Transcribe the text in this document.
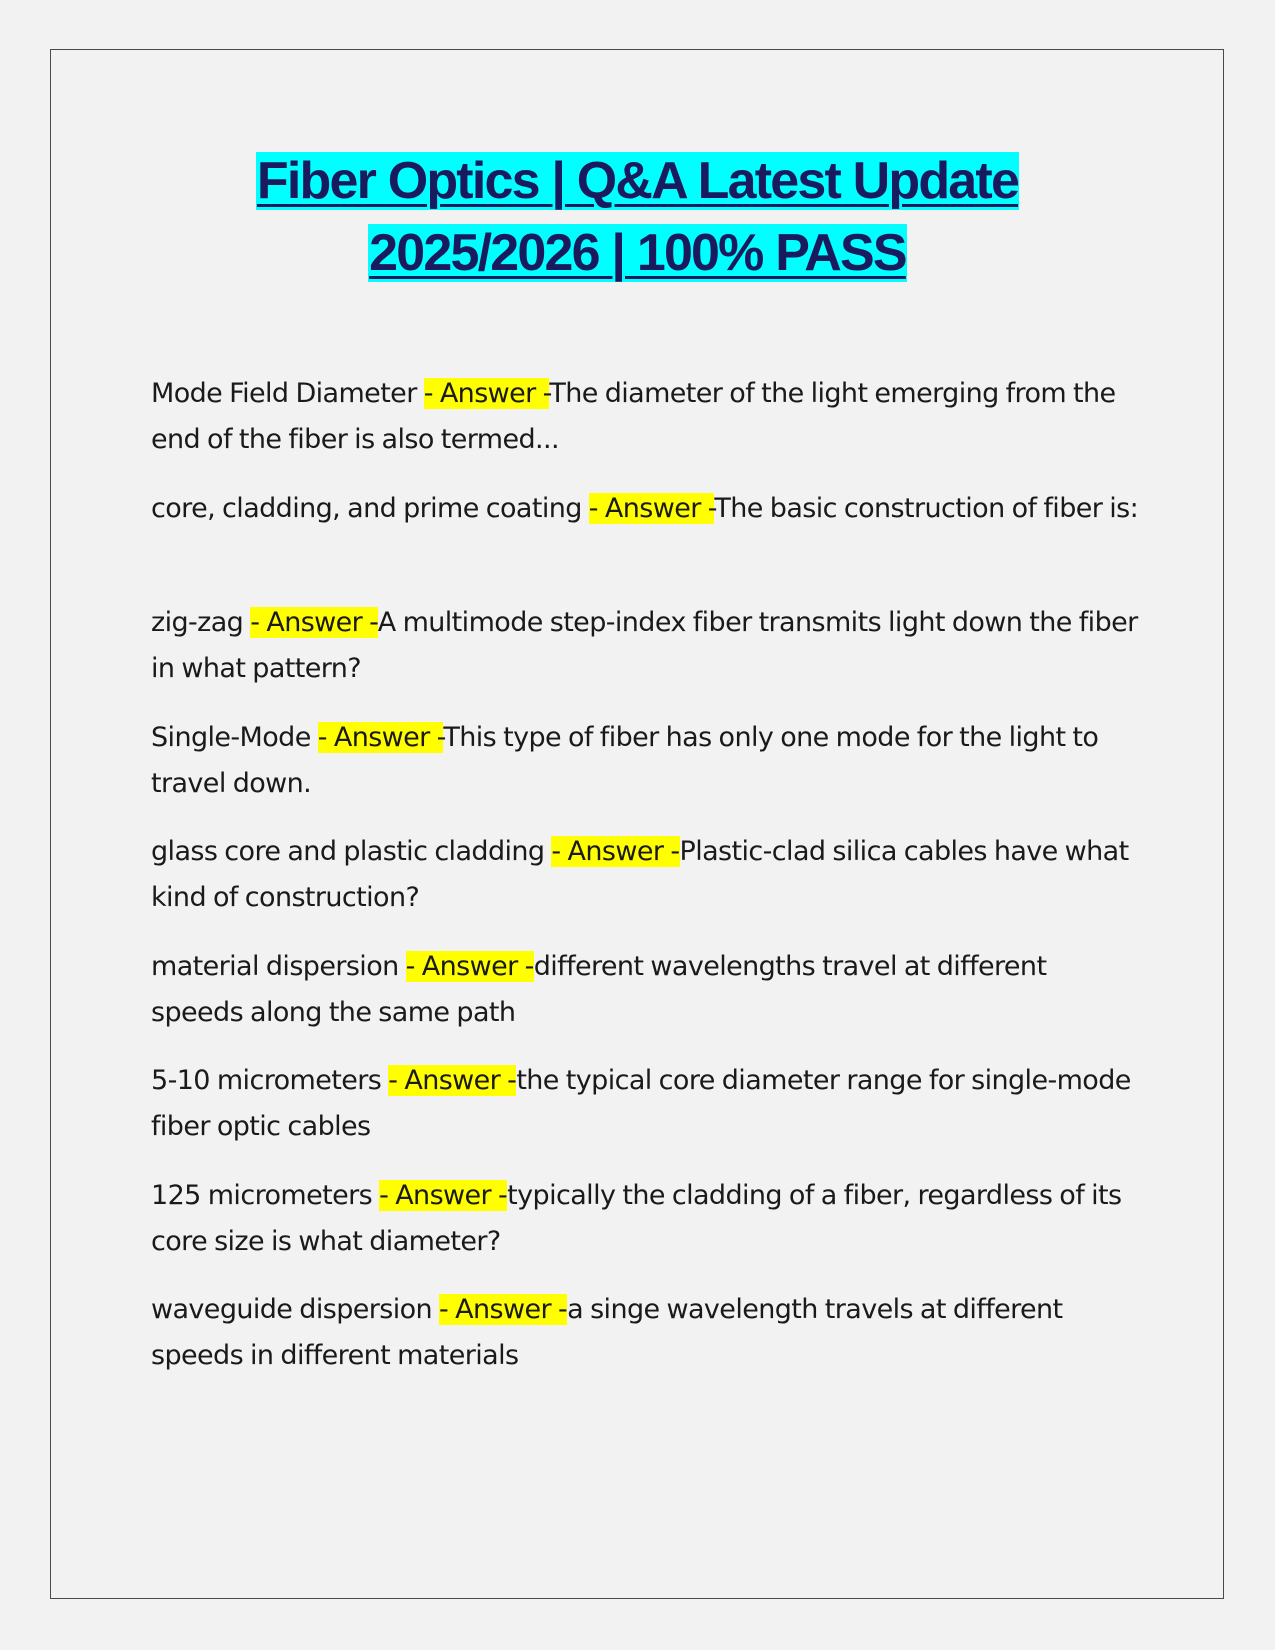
Fiber Optics | Q&A Latest Update
2025/2026 | 100% PASS
Mode Field Diameter - Answer -The diameter of the light emerging from the end of the fiber is also termed...
core, cladding, and prime coating - Answer -The basic construction of fiber is:
zig-zag - Answer -A multimode step-index fiber transmits light down the fiber in what pattern?
Single-Mode - Answer -This type of fiber has only one mode for the light to travel down.
glass core and plastic cladding - Answer -Plastic-clad silica cables have what kind of construction?
material dispersion - Answer -different wavelengths travel at different speeds along the same path
5-10 micrometers - Answer -the typical core diameter range for single-mode fiber optic cables
125 micrometers - Answer -typically the cladding of a fiber, regardless of its core size is what diameter?
waveguide dispersion - Answer -a singe wavelength travels at different speeds in different materials
